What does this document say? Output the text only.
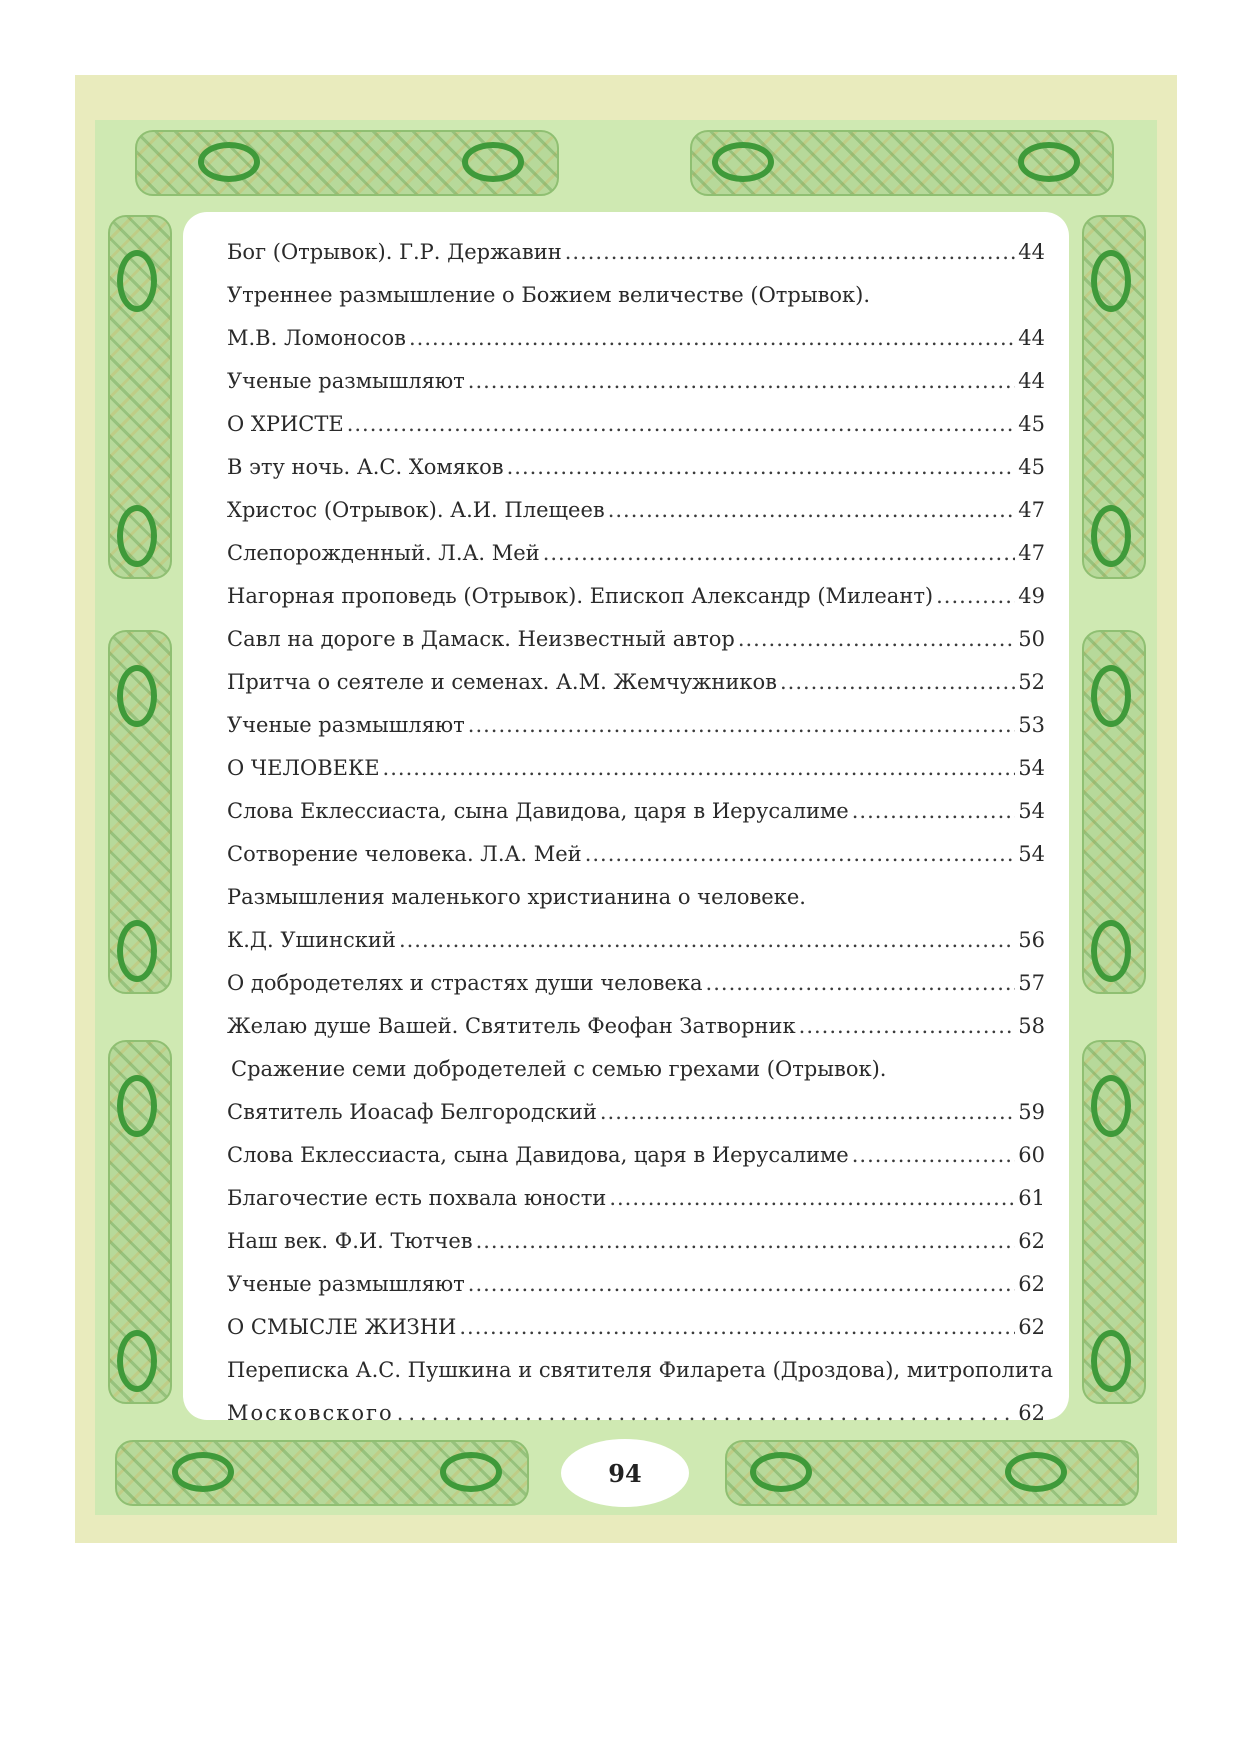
Бог (Отрывок). Г.Р. Державин .....	44
Утреннее размышление о Божием величестве (Отрывок).
М.В. Ломоносов .....	44
Ученые размышляют .....	44
О ХРИСТЕ .....	45
В эту ночь. А.С. Хомяков .....	45
Христос (Отрывок). А.И. Плещеев .....	47
Слепорожденный. Л.А. Мей .....	47
Нагорная проповедь (Отрывок). Епископ Александр (Милеант) .....	49
Савл на дороге в Дамаск. Неизвестный автор .....	50
Притча о сеятеле и семенах. А.М. Жемчужников .....	52
Ученые размышляют .....	53
О ЧЕЛОВЕКЕ .....	54
Слова Еклессиаста, сына Давидова, царя в Иерусалиме .....	54
Сотворение человека. Л.А. Мей .....	54
Размышления маленького христианина о человеке.
К.Д. Ушинский .....	56
О добродетелях и страстях души человека .....	57
Желаю душе Вашей. Святитель Феофан Затворник .....	58
Сражение семи добродетелей с семью грехами (Отрывок).
Святитель Иоасаф Белгородский .....	59
Слова Еклессиаста, сына Давидова, царя в Иерусалиме .....	60
Благочестие есть похвала юности .....	61
Наш век. Ф.И. Тютчев .....	62
Ученые размышляют .....	62
О СМЫСЛЕ ЖИЗНИ .....	62
Переписка А.С. Пушкина и святителя Филарета (Дроздова), митрополита
Московского .....	62
94
